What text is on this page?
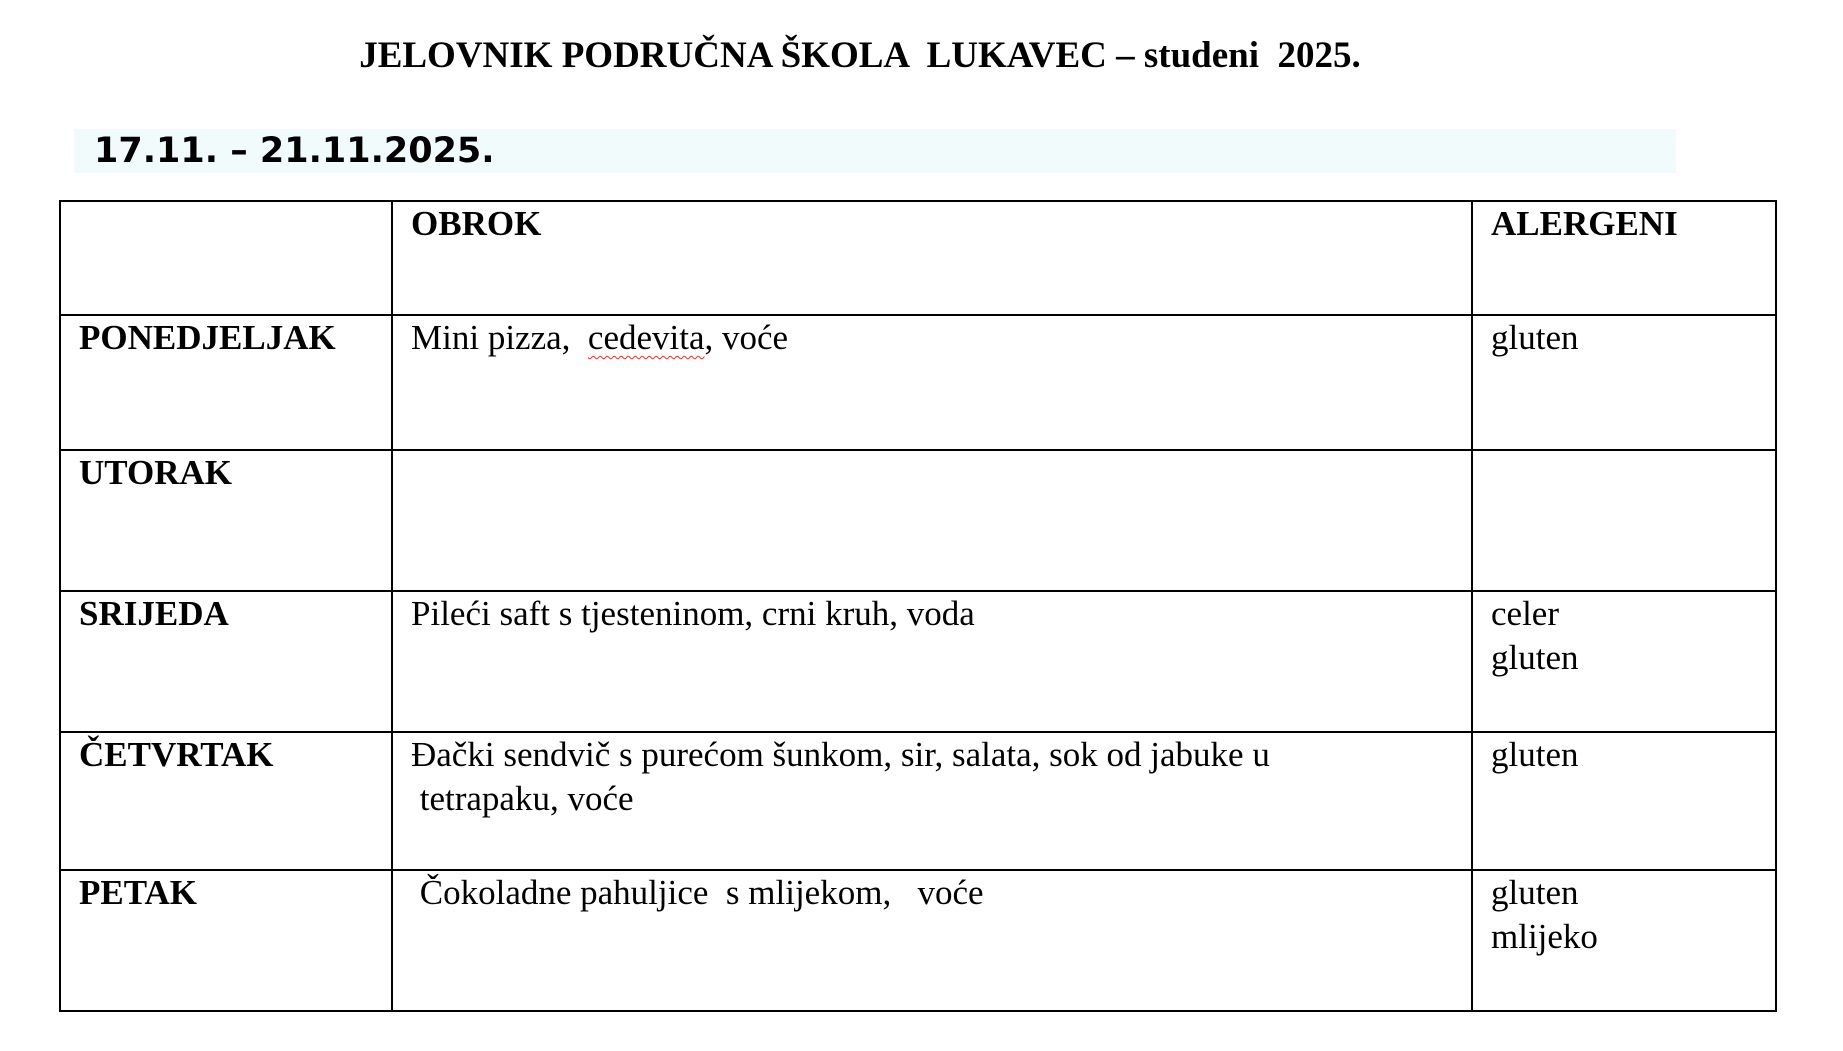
JELOVNIK PODRUČNA ŠKOLA  LUKAVEC – studeni  2025.
17.11. – 21.11.2025.
	OBROK	ALERGENI
PONEDJELJAK	Mini pizza,  cedevita, voće	gluten

UTORAK	

SRIJEDA	Pileći saft s tjesteninom, crni kruh, voda	celer
gluten

ČETVRTAK	Đački sendvič s purećom šunkom, sir, salata, sok od jabuke u
tetrapaku, voće	gluten

PETAK	Čokoladne pahuljice  s mlijekom,   voće	gluten
mlijeko
